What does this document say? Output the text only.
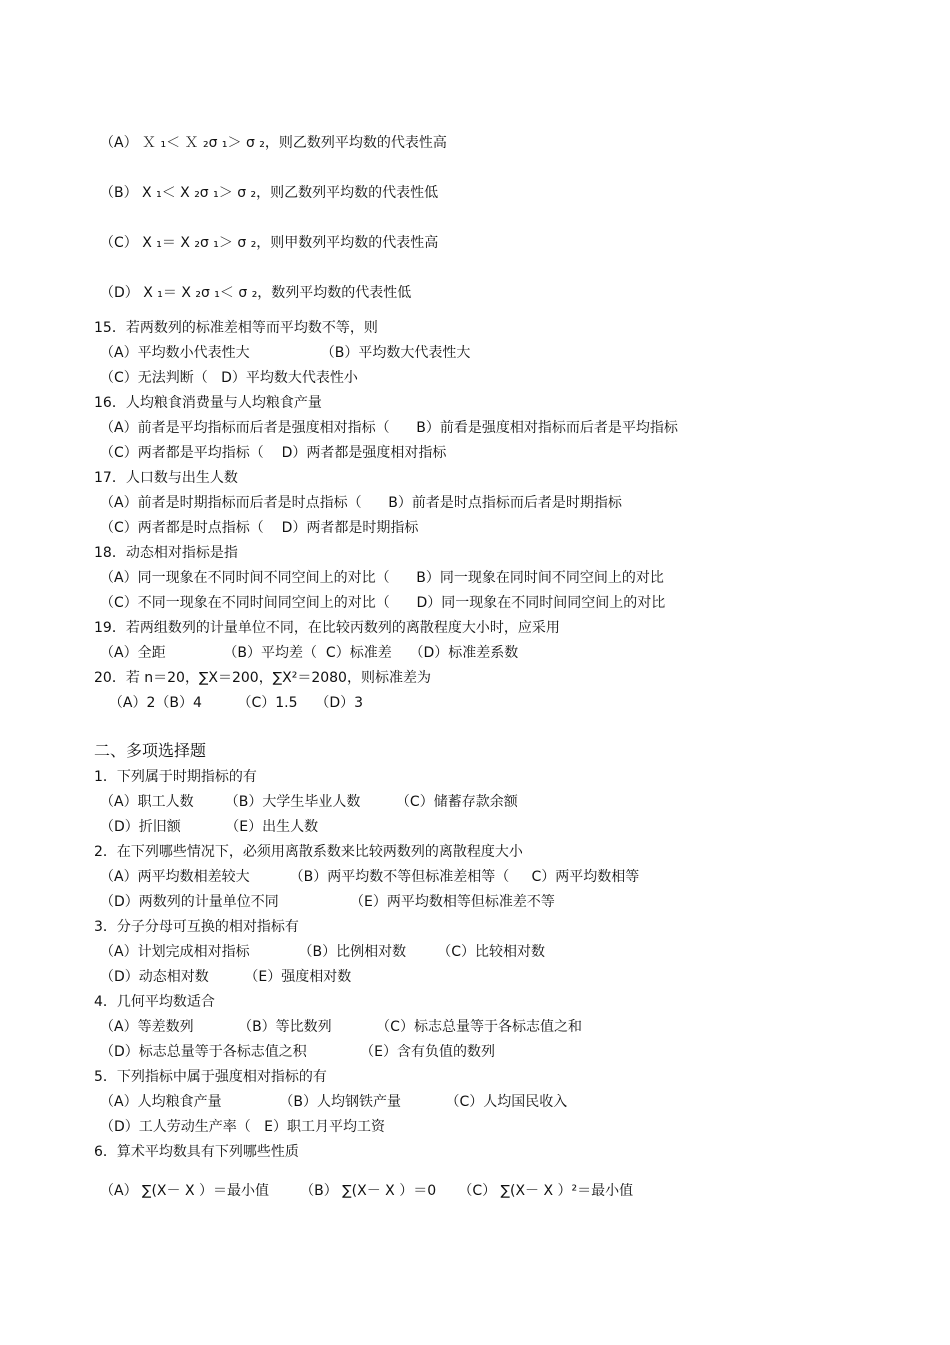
（A） Ｘ ₁＜ Ｘ ₂σ ₁＞ σ ₂，则乙数列平均数的代表性高
（B） X ₁＜ X ₂σ ₁＞ σ ₂，则乙数列平均数的代表性低
（C） X ₁＝ X ₂σ ₁＞ σ ₂，则甲数列平均数的代表性高
（D） X ₁＝ X ₂σ ₁＜ σ ₂，数列平均数的代表性低
15．若两数列的标准差相等而平均数不等，则
（A）平均数小代表性大                （B）平均数大代表性大
（C）无法判断（   D）平均数大代表性小
16．人均粮食消费量与人均粮食产量
（A）前者是平均指标而后者是强度相对指标（      B）前看是强度相对指标而后者是平均指标
（C）两者都是平均指标（    D）两者都是强度相对指标
17．人口数与出生人数
（A）前者是时期指标而后者是时点指标（      B）前者是时点指标而后者是时期指标
（C）两者都是时点指标（    D）两者都是时期指标
18．动态相对指标是指
（A）同一现象在不同时间不同空间上的对比（      B）同一现象在同时间不同空间上的对比
（C）不同一现象在不同时间同空间上的对比（      D）同一现象在不同时间同空间上的对比
19．若两组数列的计量单位不同，在比较丙数列的离散程度大小时，应采用
（A）全距             （B）平均差（  C）标准差    （D）标准差系数
20．若 n＝20，∑X＝200，∑X²＝2080，则标准差为
（A）2（B）4        （C）1.5    （D）3
二、多项选择题
1．下列属于时期指标的有
（A）职工人数       （B）大学生毕业人数        （C）储蓄存款余额
（D）折旧额          （E）出生人数
2．在下列哪些情况下，必须用离散系数来比较两数列的离散程度大小
（A）两平均数相差较大         （B）两平均数不等但标准差相等（     C）两平均数相等
（D）两数列的计量单位不同                （E）两平均数相等但标准差不等
3．分子分母可互换的相对指标有
（A）计划完成相对指标           （B）比例相对数       （C）比较相对数
（D）动态相对数        （E）强度相对数
4．几何平均数适合
（A）等差数列          （B）等比数列          （C）标志总量等于各标志值之和
（D）标志总量等于各标志值之积            （E）含有负值的数列
5．下列指标中属于强度相对指标的有
（A）人均粮食产量             （B）人均钢铁产量          （C）人均国民收入
（D）工人劳动生产率（   E）职工月平均工资
6．算术平均数具有下列哪些性质
（A） ∑(X－ X ）＝最小值       （B） ∑(X－ X ）＝0     （C） ∑(X－ X ）²＝最小值
